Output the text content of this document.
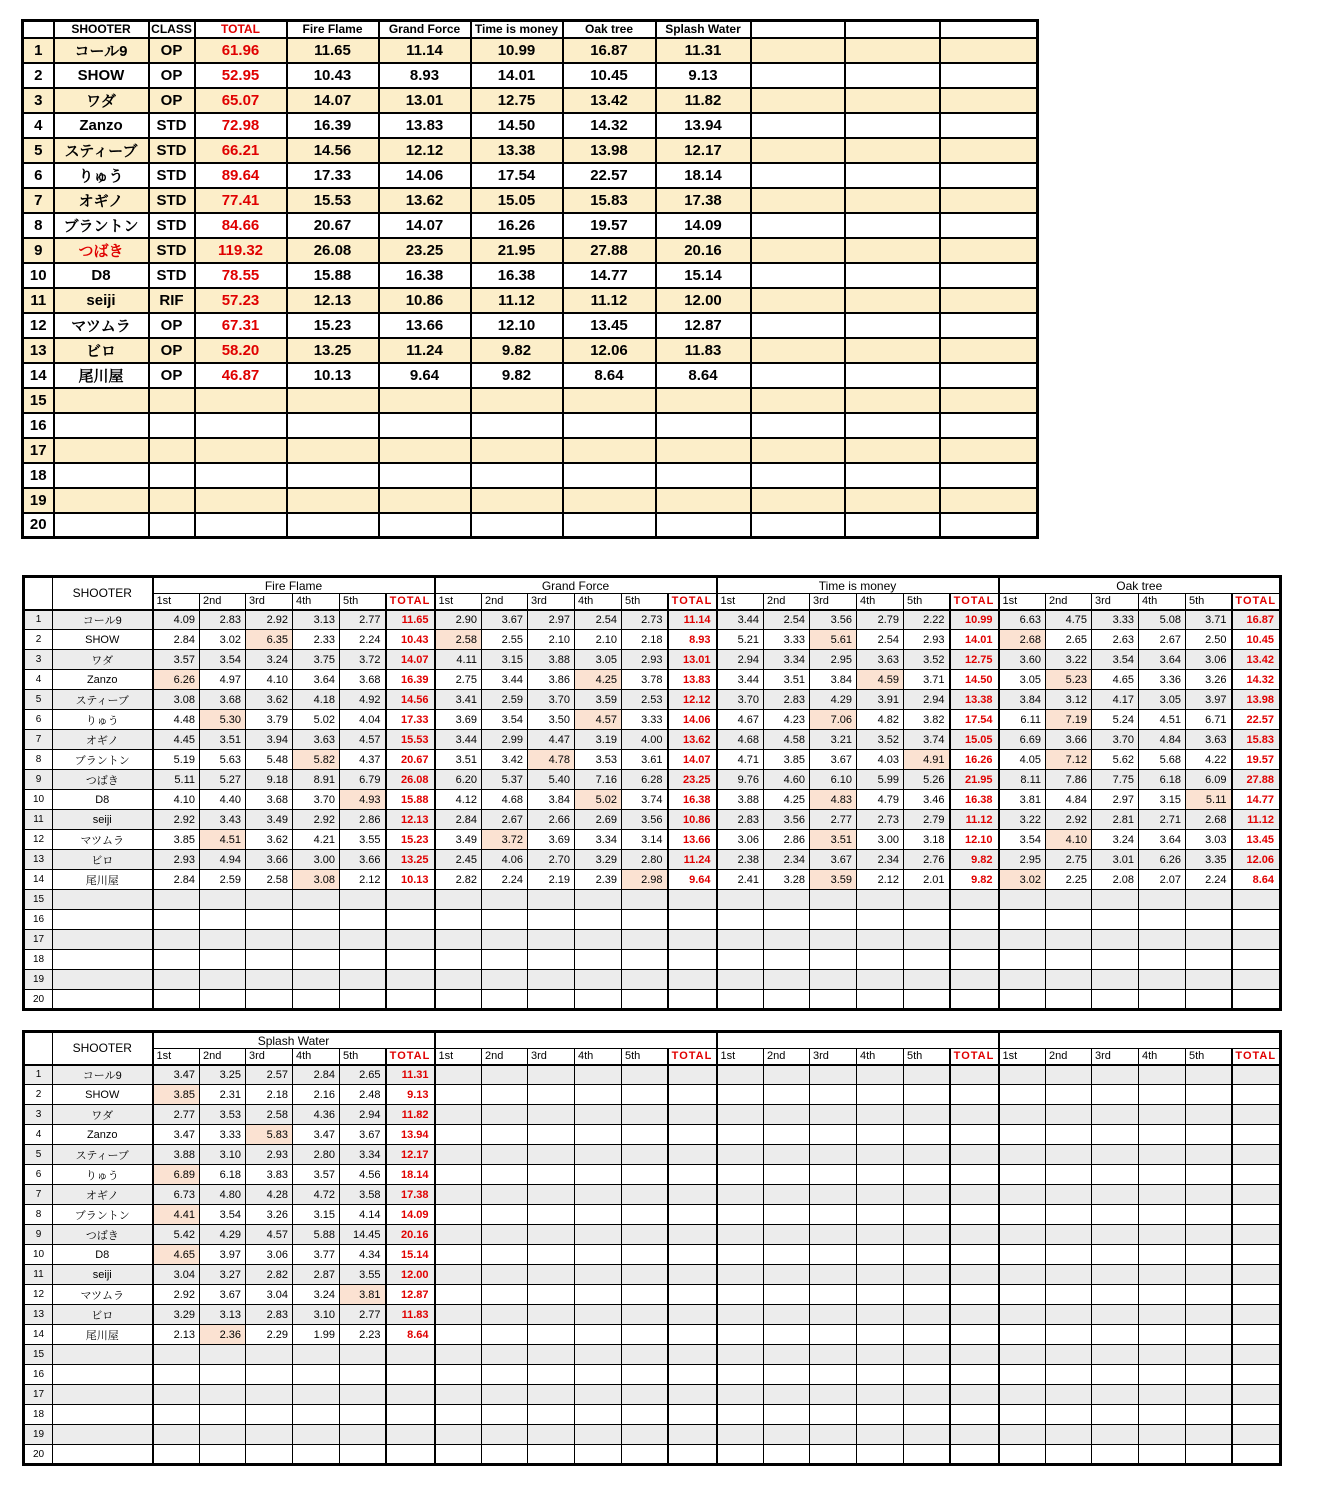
	SHOOTER	CLASS	TOTAL	Fire Flame	Grand Force	Time is money	Oak tree	Splash Water			
1	コール9	OP	61.96	11.65	11.14	10.99	16.87	11.31			
2	SHOW	OP	52.95	10.43	8.93	14.01	10.45	9.13			
3	ワダ	OP	65.07	14.07	13.01	12.75	13.42	11.82			
4	Zanzo	STD	72.98	16.39	13.83	14.50	14.32	13.94			
5	スティーブ	STD	66.21	14.56	12.12	13.38	13.98	12.17			
6	りゅう	STD	89.64	17.33	14.06	17.54	22.57	18.14			
7	オギノ	STD	77.41	15.53	13.62	15.05	15.83	17.38			
8	ブラントン	STD	84.66	20.67	14.07	16.26	19.57	14.09			
9	つばき	STD	119.32	26.08	23.25	21.95	27.88	20.16			
10	D8	STD	78.55	15.88	16.38	16.38	14.77	15.14			
11	seiji	RIF	57.23	12.13	10.86	11.12	11.12	12.00			
12	マツムラ	OP	67.31	15.23	13.66	12.10	13.45	12.87			
13	ビロ	OP	58.20	13.25	11.24	9.82	12.06	11.83			
14	尾川屋	OP	46.87	10.13	9.64	9.82	8.64	8.64			
15											
16											
17											
18											
19											
20											
	SHOOTER	Fire Flame						Grand Force						Time is money						Oak tree					
		1st	2nd	3rd	4th	5th	TOTAL	1st	2nd	3rd	4th	5th	TOTAL	1st	2nd	3rd	4th	5th	TOTAL	1st	2nd	3rd	4th	5th	TOTAL
1	コール9	4.09	2.83	2.92	3.13	2.77	11.65	2.90	3.67	2.97	2.54	2.73	11.14	3.44	2.54	3.56	2.79	2.22	10.99	6.63	4.75	3.33	5.08	3.71	16.87
2	SHOW	2.84	3.02	6.35	2.33	2.24	10.43	2.58	2.55	2.10	2.10	2.18	8.93	5.21	3.33	5.61	2.54	2.93	14.01	2.68	2.65	2.63	2.67	2.50	10.45
3	ワダ	3.57	3.54	3.24	3.75	3.72	14.07	4.11	3.15	3.88	3.05	2.93	13.01	2.94	3.34	2.95	3.63	3.52	12.75	3.60	3.22	3.54	3.64	3.06	13.42
4	Zanzo	6.26	4.97	4.10	3.64	3.68	16.39	2.75	3.44	3.86	4.25	3.78	13.83	3.44	3.51	3.84	4.59	3.71	14.50	3.05	5.23	4.65	3.36	3.26	14.32
5	スティーブ	3.08	3.68	3.62	4.18	4.92	14.56	3.41	2.59	3.70	3.59	2.53	12.12	3.70	2.83	4.29	3.91	2.94	13.38	3.84	3.12	4.17	3.05	3.97	13.98
6	りゅう	4.48	5.30	3.79	5.02	4.04	17.33	3.69	3.54	3.50	4.57	3.33	14.06	4.67	4.23	7.06	4.82	3.82	17.54	6.11	7.19	5.24	4.51	6.71	22.57
7	オギノ	4.45	3.51	3.94	3.63	4.57	15.53	3.44	2.99	4.47	3.19	4.00	13.62	4.68	4.58	3.21	3.52	3.74	15.05	6.69	3.66	3.70	4.84	3.63	15.83
8	ブラントン	5.19	5.63	5.48	5.82	4.37	20.67	3.51	3.42	4.78	3.53	3.61	14.07	4.71	3.85	3.67	4.03	4.91	16.26	4.05	7.12	5.62	5.68	4.22	19.57
9	つばき	5.11	5.27	9.18	8.91	6.79	26.08	6.20	5.37	5.40	7.16	6.28	23.25	9.76	4.60	6.10	5.99	5.26	21.95	8.11	7.86	7.75	6.18	6.09	27.88
10	D8	4.10	4.40	3.68	3.70	4.93	15.88	4.12	4.68	3.84	5.02	3.74	16.38	3.88	4.25	4.83	4.79	3.46	16.38	3.81	4.84	2.97	3.15	5.11	14.77
11	seiji	2.92	3.43	3.49	2.92	2.86	12.13	2.84	2.67	2.66	2.69	3.56	10.86	2.83	3.56	2.77	2.73	2.79	11.12	3.22	2.92	2.81	2.71	2.68	11.12
12	マツムラ	3.85	4.51	3.62	4.21	3.55	15.23	3.49	3.72	3.69	3.34	3.14	13.66	3.06	2.86	3.51	3.00	3.18	12.10	3.54	4.10	3.24	3.64	3.03	13.45
13	ビロ	2.93	4.94	3.66	3.00	3.66	13.25	2.45	4.06	2.70	3.29	2.80	11.24	2.38	2.34	3.67	2.34	2.76	9.82	2.95	2.75	3.01	6.26	3.35	12.06
14	尾川屋	2.84	2.59	2.58	3.08	2.12	10.13	2.82	2.24	2.19	2.39	2.98	9.64	2.41	3.28	3.59	2.12	2.01	9.82	3.02	2.25	2.08	2.07	2.24	8.64
15																									
16																									
17																									
18																									
19																									
20																									
	SHOOTER	Splash Water																							
		1st	2nd	3rd	4th	5th	TOTAL	1st	2nd	3rd	4th	5th	TOTAL	1st	2nd	3rd	4th	5th	TOTAL	1st	2nd	3rd	4th	5th	TOTAL
1	コール9	3.47	3.25	2.57	2.84	2.65	11.31																		
2	SHOW	3.85	2.31	2.18	2.16	2.48	9.13																		
3	ワダ	2.77	3.53	2.58	4.36	2.94	11.82																		
4	Zanzo	3.47	3.33	5.83	3.47	3.67	13.94																		
5	スティーブ	3.88	3.10	2.93	2.80	3.34	12.17																		
6	りゅう	6.89	6.18	3.83	3.57	4.56	18.14																		
7	オギノ	6.73	4.80	4.28	4.72	3.58	17.38																		
8	ブラントン	4.41	3.54	3.26	3.15	4.14	14.09																		
9	つばき	5.42	4.29	4.57	5.88	14.45	20.16																		
10	D8	4.65	3.97	3.06	3.77	4.34	15.14																		
11	seiji	3.04	3.27	2.82	2.87	3.55	12.00																		
12	マツムラ	2.92	3.67	3.04	3.24	3.81	12.87																		
13	ビロ	3.29	3.13	2.83	3.10	2.77	11.83																		
14	尾川屋	2.13	2.36	2.29	1.99	2.23	8.64																		
15																									
16																									
17																									
18																									
19																									
20																									
